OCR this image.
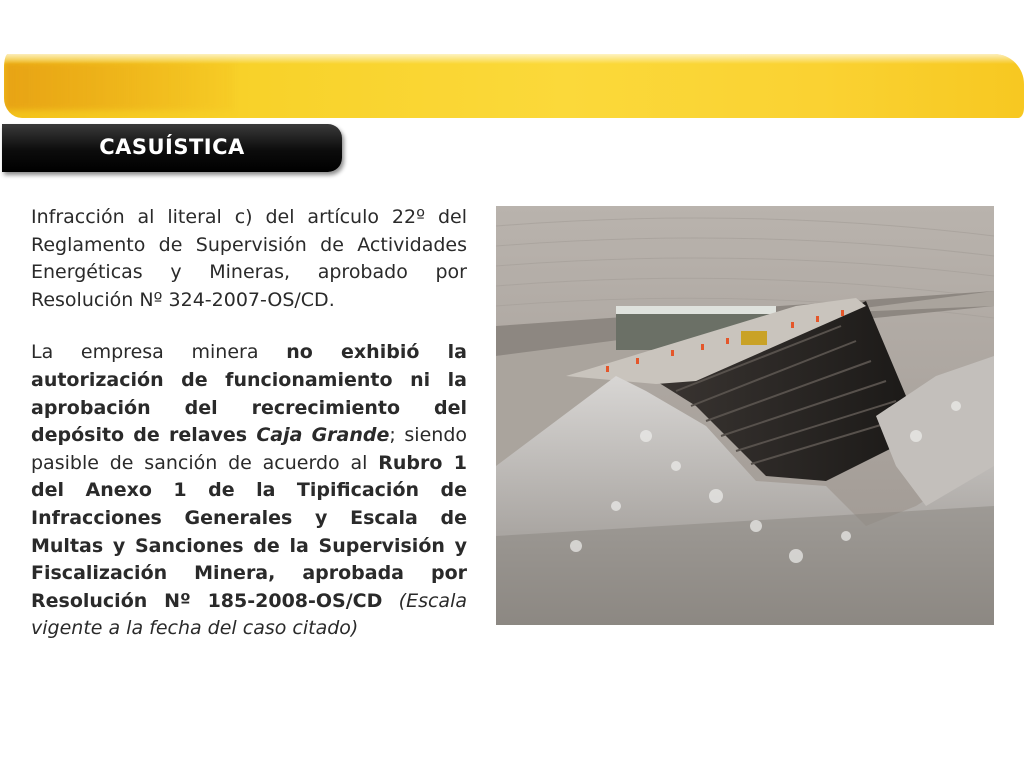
CASUÍSTICA

Infracción al literal c) del artículo 22º del Reglamento de Supervisión de Actividades Energéticas y Mineras, aprobado por Resolución Nº 324-2007-OS/CD.

La empresa minera no exhibió la autorización de funcionamiento ni la aprobación del recrecimiento del depósito de relaves Caja Grande; siendo pasible de sanción de acuerdo al Rubro 1 del Anexo 1 de la Tipificación de Infracciones Generales y Escala de Multas y Sanciones de la Supervisión y Fiscalización Minera, aprobada por Resolución Nº 185-2008-OS/CD (Escala vigente a la fecha del caso citado)
